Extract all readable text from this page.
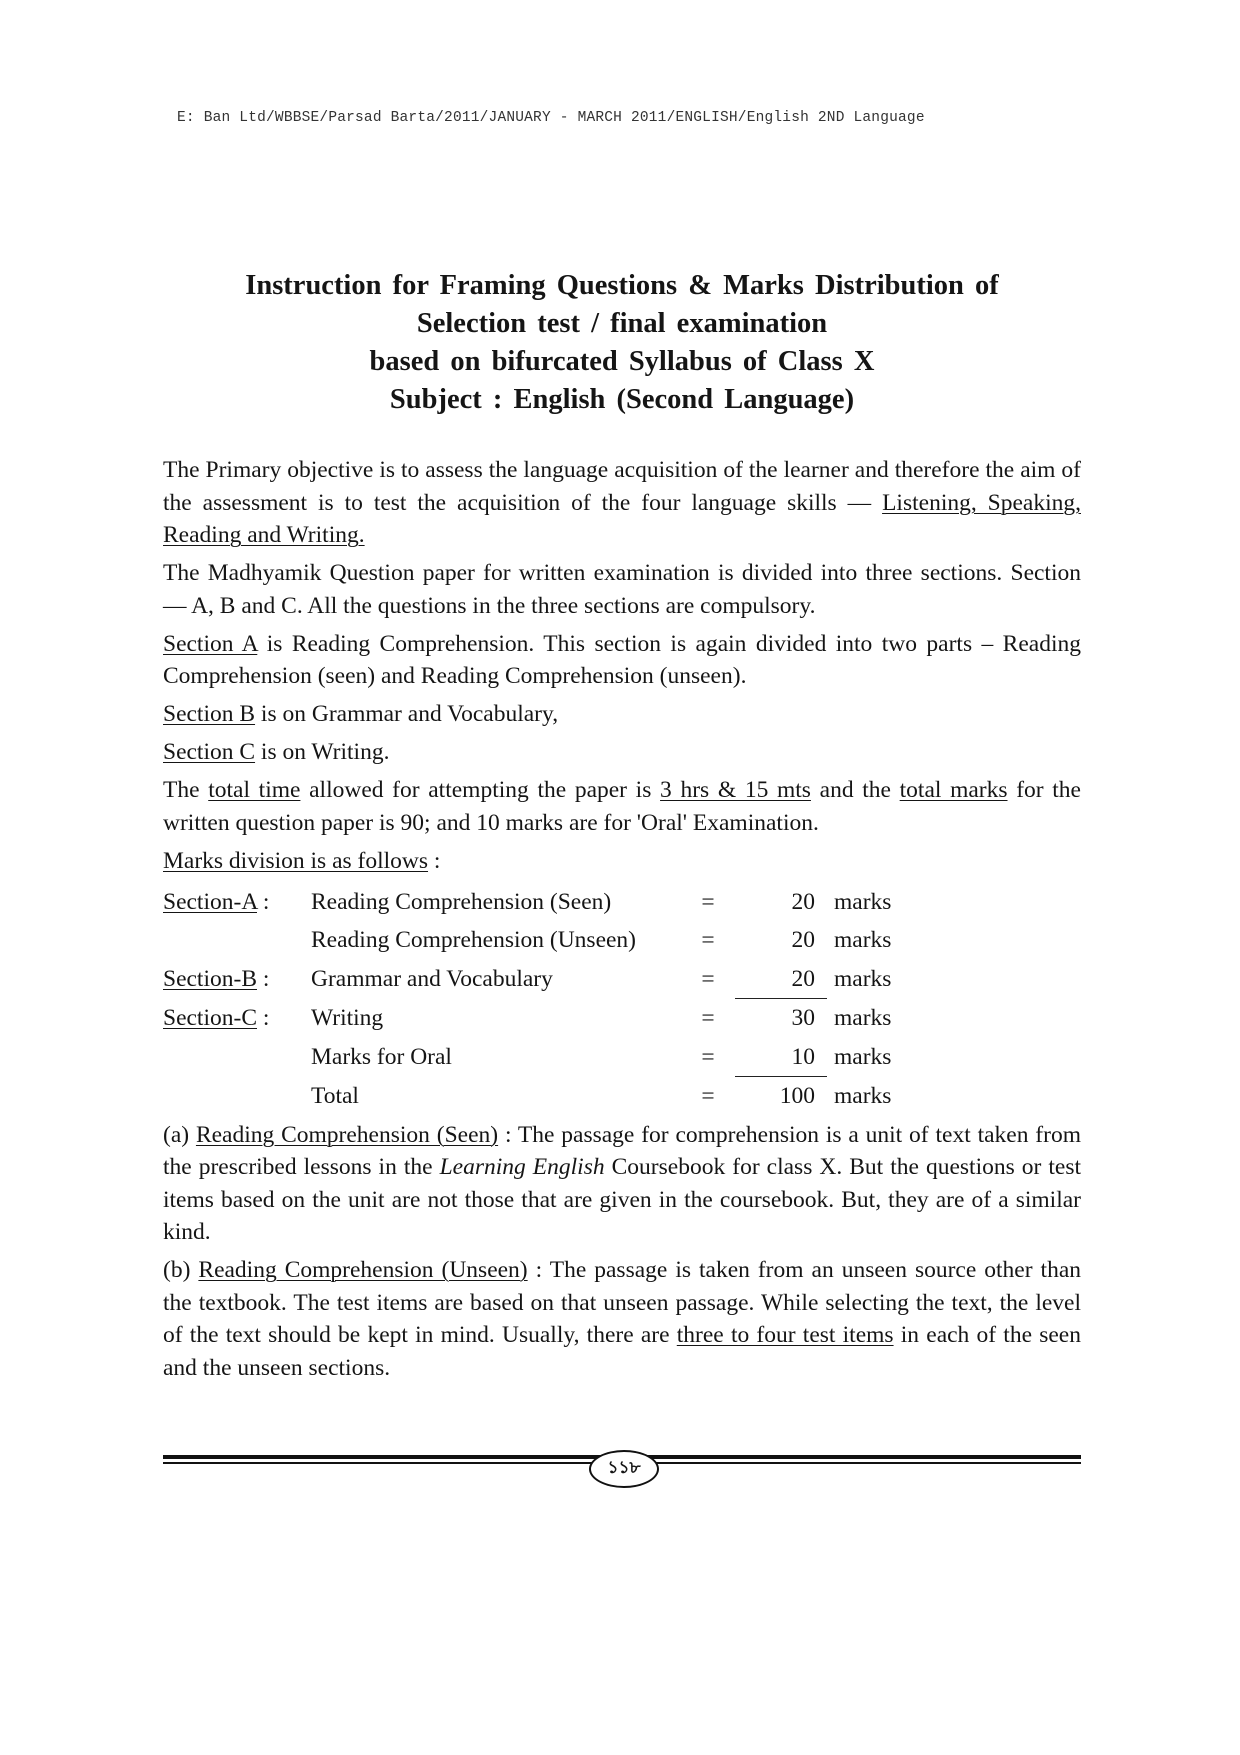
E: Ban Ltd/WBBSE/Parsad Barta/2011/JANUARY - MARCH 2011/ENGLISH/English 2ND Language
Instruction for Framing Questions & Marks Distribution of
Selection test / final examination
based on bifurcated Syllabus of Class X
Subject : English (Second Language)

The Primary objective is to assess the language acquisition of the learner and therefore the aim of the assessment is to test the acquisition of the four language skills — Listening, Speaking, Reading and Writing.

The Madhyamik Question paper for written examination is divided into three sections. Section — A, B and C. All the questions in the three sections are compulsory.

Section A is Reading Comprehension. This section is again divided into two parts – Reading Comprehension (seen) and Reading Comprehension (unseen).

Section B is on Grammar and Vocabulary,

Section C is on Writing.

The total time allowed for attempting the paper is 3 hrs & 15 mts and the total marks for the written question paper is 90; and 10 marks are for 'Oral' Examination.

Marks division is as follows :

Section-A :	Reading Comprehension (Seen)	=	20	marks
	Reading Comprehension (Unseen)	=	20	marks
Section-B :	Grammar and Vocabulary	=	20	marks
Section-C :	Writing	=	30	marks
	Marks for Oral	=	10	marks
	Total	=	100	marks

(a) Reading Comprehension (Seen) : The passage for comprehension is a unit of text taken from the prescribed lessons in the Learning English Coursebook for class X. But the questions or test items based on the unit are not those that are given in the coursebook. But, they are of a similar kind.

(b) Reading Comprehension (Unseen) : The passage is taken from an unseen source other than the textbook. The test items are based on that unseen passage. While selecting the text, the level of the text should be kept in mind. Usually, there are three to four test items in each of the seen and the unseen sections.

১১৮
